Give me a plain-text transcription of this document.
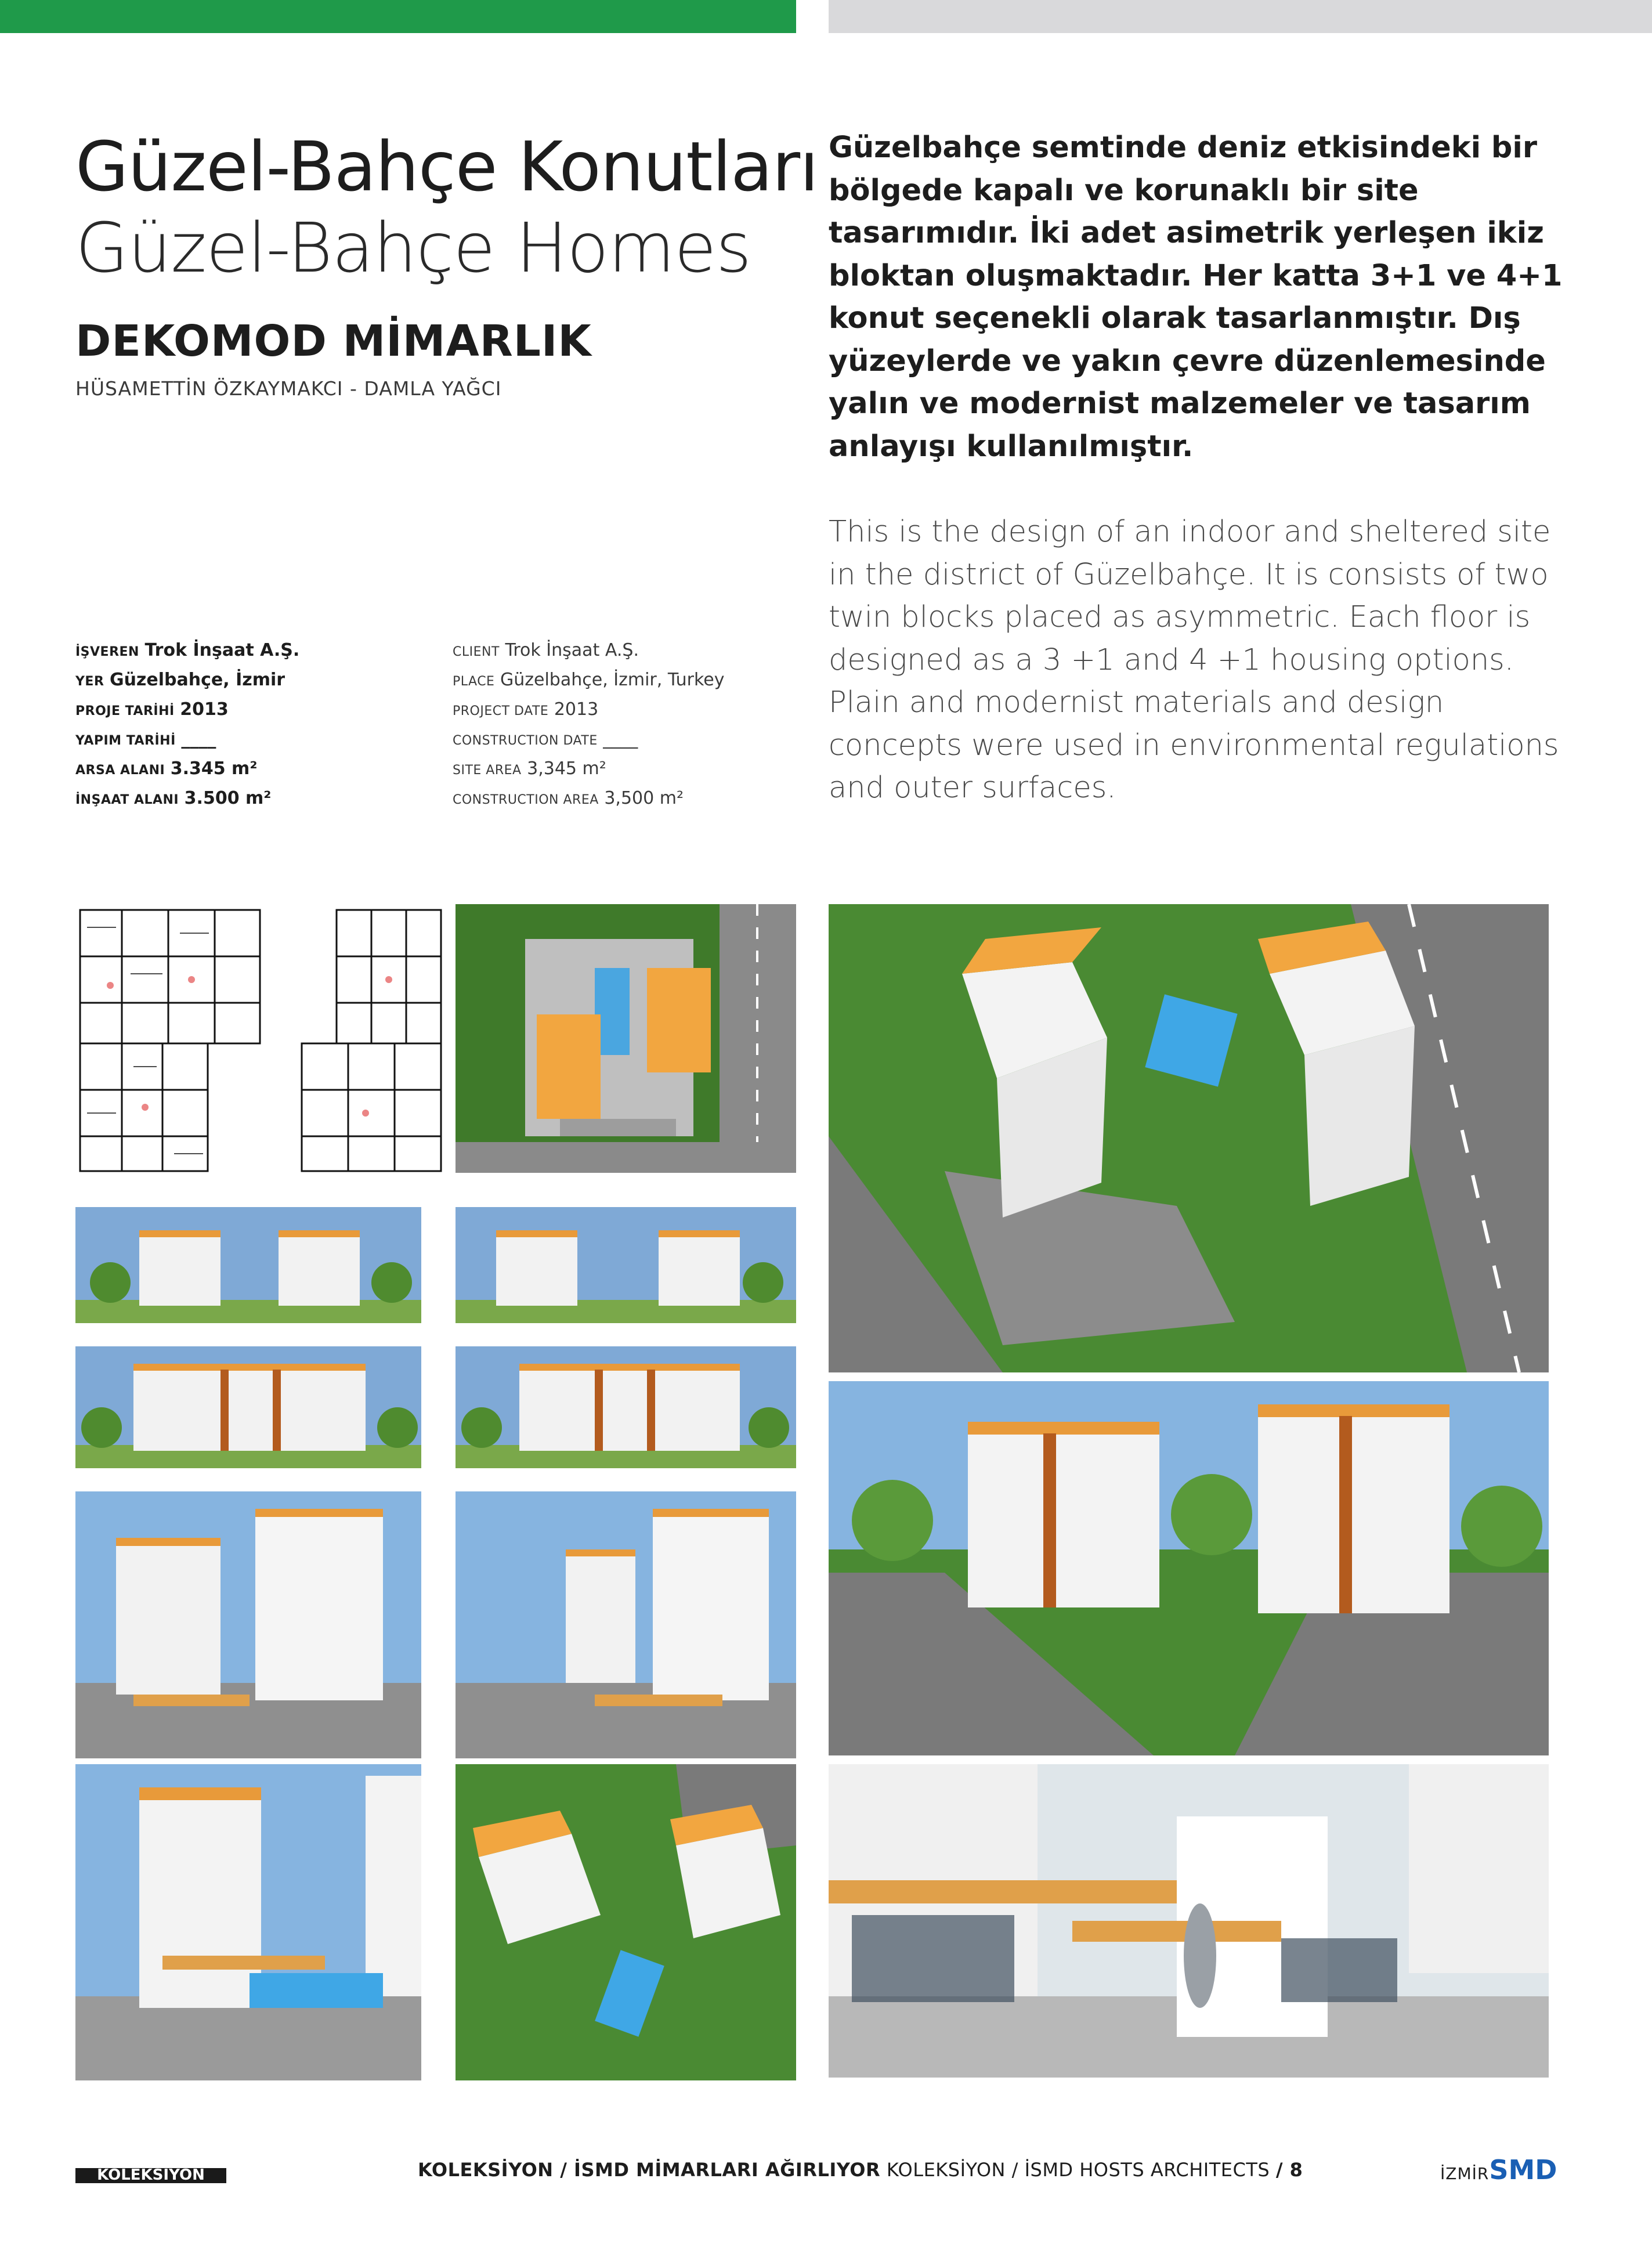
Güzel-Bahçe Konutları
Güzel-Bahçe Homes
DEKOMOD MİMARLIK
HÜSAMETTİN ÖZKAYMAKCI - DAMLA YAĞCI
Güzelbahçe semtinde deniz etkisindeki bir bölgede kapalı ve korunaklı bir site tasarımıdır. İki adet asimetrik yerleşen ikiz bloktan oluşmaktadır. Her katta 3+1 ve 4+1 konut seçenekli olarak tasarlanmıştır. Dış yüzeylerde ve yakın çevre düzenlemesinde yalın ve modernist malzemeler ve tasarım anlayışı kullanılmıştır.
This is the design of an indoor and sheltered site in the district of Güzelbahçe. It is consists of two twin blocks placed as asymmetric. Each floor is designed as a 3 +1 and 4 +1 housing options. Plain and modernist materials and design concepts were used in environmental regulations and outer surfaces.
İŞVEREN Trok İnşaat A.Ş.
YER Güzelbahçe, İzmir
PROJE TARİHİ 2013
YAPIM TARİHİ ____
ARSA ALANI 3.345 m²
İNŞAAT ALANI 3.500 m²
CLIENT Trok İnşaat A.Ş.
PLACE Güzelbahçe, İzmir, Turkey
PROJECT DATE 2013
CONSTRUCTION DATE ____
SITE AREA 3,345 m²
CONSTRUCTION AREA 3,500 m²
KOLEKSİYON	KOLEKSİYON / İSMD MİMARLARI AĞIRLIYOR KOLEKSİYON / İSMD HOSTS ARCHITECTS / 8	İZMİRSMD
